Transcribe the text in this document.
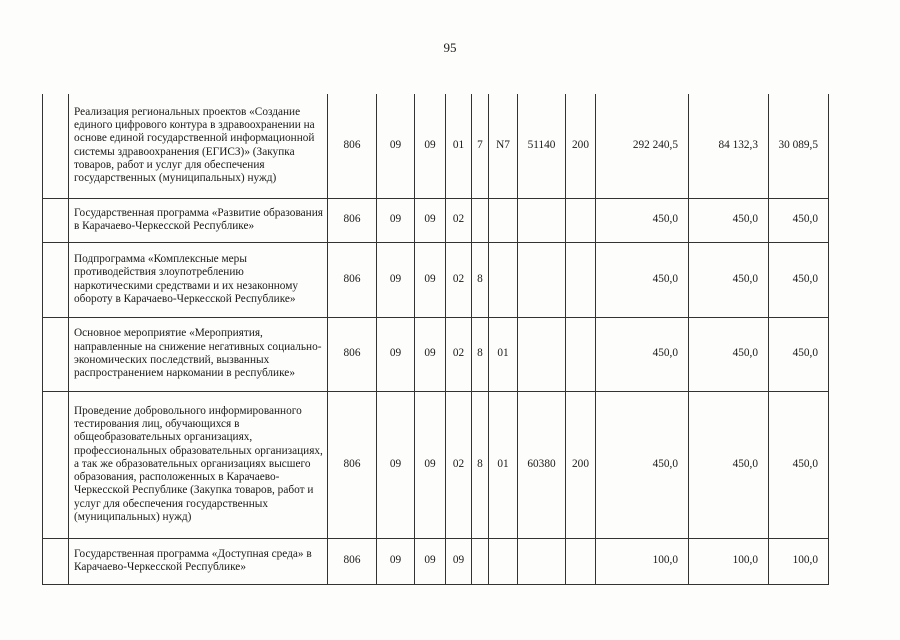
95
	Реализация региональных проектов «Создание единого цифрового контура в здравоохранении на основе единой государственной информационной системы здравоохранения (ЕГИСЗ)» (Закупка товаров, работ и услуг для обеспечения государственных (муниципальных) нужд)	806	09	09	01	7	N7	51140	200	292 240,5	84 132,3	30 089,5
	Государственная программа «Развитие образования в Карачаево-Черкесской Республике»	806	09	09	02					450,0	450,0	450,0
	Подпрограмма «Комплексные меры противодействия злоупотреблению наркотическими средствами и их незаконному обороту в Карачаево-Черкесской Республике»	806	09	09	02	8				450,0	450,0	450,0
	Основное мероприятие «Мероприятия, направленные на снижение негативных социально-экономических последствий, вызванных распространением наркомании в республике»	806	09	09	02	8	01			450,0	450,0	450,0
	Проведение добровольного информированного тестирования лиц, обучающихся в общеобразовательных организациях, профессиональных образовательных организациях, а так же образовательных организациях высшего образования, расположенных в Карачаево-Черкесской Республике (Закупка товаров, работ и услуг для обеспечения государственных (муниципальных) нужд)	806	09	09	02	8	01	60380	200	450,0	450,0	450,0
	Государственная программа «Доступная среда» в Карачаево-Черкесской Республике»	806	09	09	09					100,0	100,0	100,0
